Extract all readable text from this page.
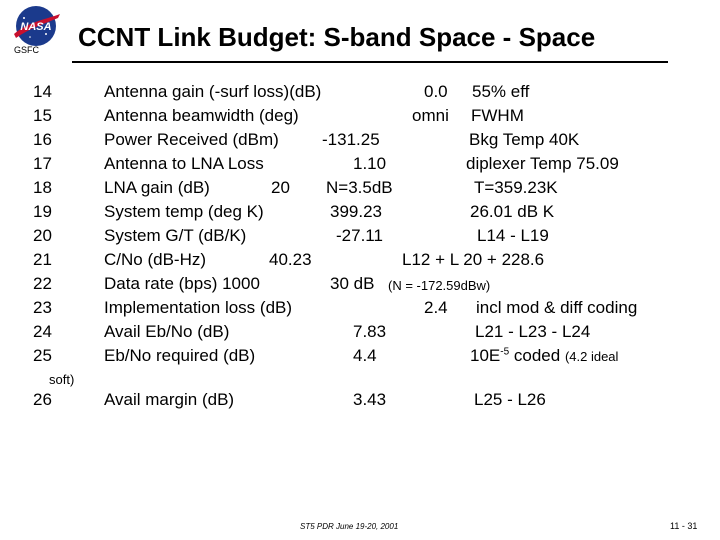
NASA
GSFC CCNT Link Budget: S-band Space - Space
14	Antenna gain (-surf loss)(dB)	0.0 55% eff
15	Antenna beamwidth (deg)	omni FWHM
16	Power Received (dBm)	-131.25	Bkg Temp 40K
17	Antenna to LNA Loss	1.10	diplexer Temp 75.09
18	LNA gain (dB)	20 N=3.5dB	T=359.23K
19	System temp (deg K)	399.23	26.01 dB K
20	System G/T (dB/K)	-27.11	L14 - L19
21	C/No (dB-Hz)	40.23	L12 + L 20 + 228.6
22	Data rate (bps) 1000	30 dB (N = -172.59dBw)
23	Implementation loss (dB)	2.4 incl mod & diff coding
24	Avail Eb/No (dB)	7.83	L21 - L23 - L24
25	Eb/No required (dB)	4.4	$10E^{-5}$ coded (4.2 ideal
soft)
26	Avail margin (dB)	3.43	L25 - L26
ST5 PDR June 19-20, 2001	11 - 31
